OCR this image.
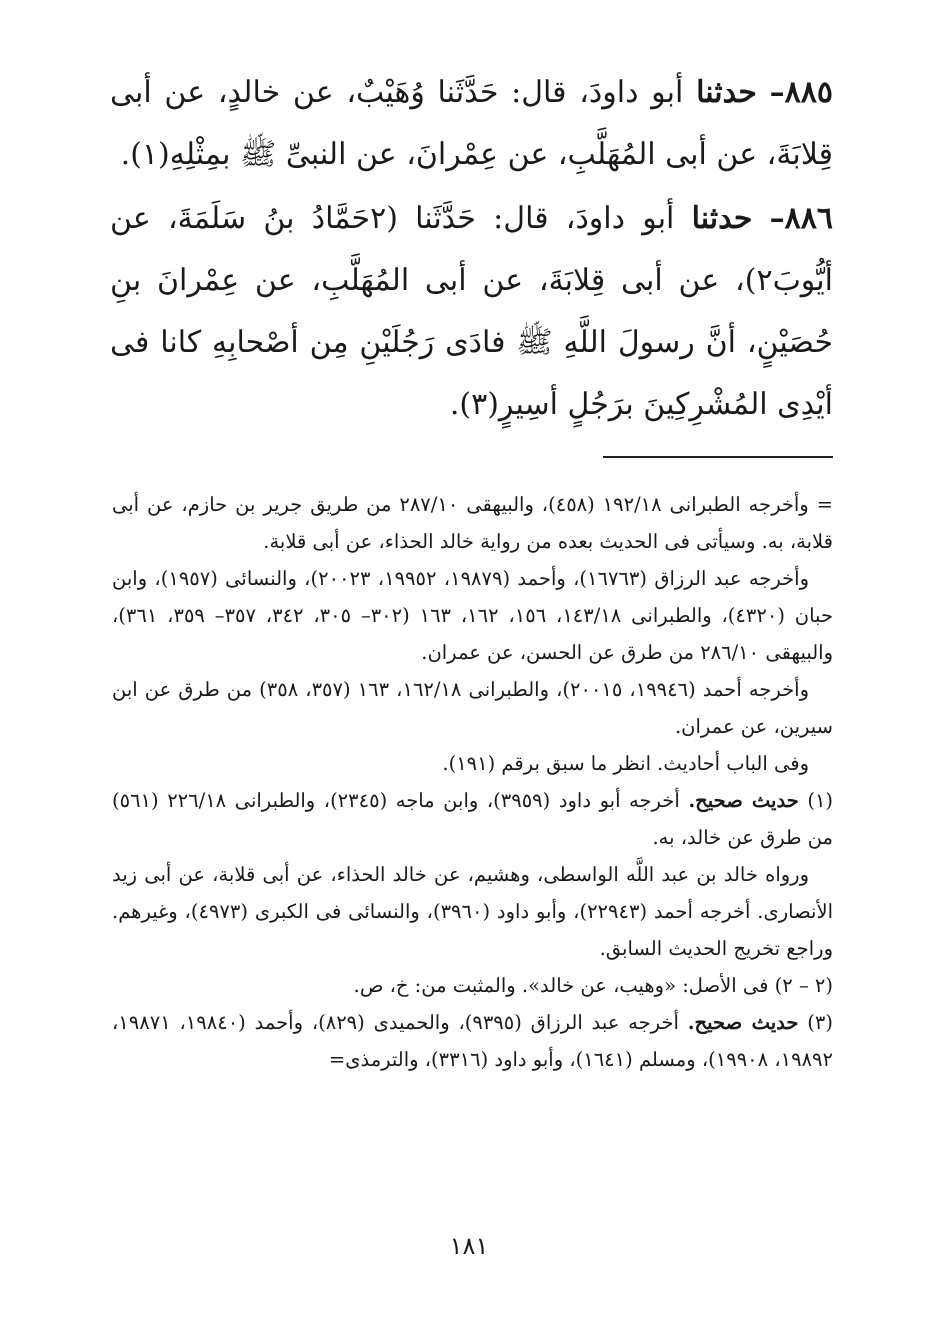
٨٨٥– حدثنا أبو داودَ، قال: حَدَّثَنا وُهَيْبٌ، عن خالدٍ، عن أبى قِلابَةَ، عن أبى المُهَلَّبِ، عن عِمْرانَ، عن النبىِّ ﷺ بمِثْلِهِ(١).

٨٨٦– حدثنا أبو داودَ، قال: حَدَّثَنا (٢حَمَّادُ بنُ سَلَمَةَ، عن أيُّوبَ٢)، عن أبى قِلابَةَ، عن أبى المُهَلَّبِ، عن عِمْرانَ بنِ حُصَيْنٍ، أنَّ رسولَ اللَّهِ ﷺ فادَى رَجُلَيْنِ مِن أصْحابِهِ كانا فى أيْدِى المُشْرِكِينَ برَجُلٍ أسِيرٍ(٣).

= وأخرجه الطبرانى ١٩٢/١٨ (٤٥٨)، والبيهقى ٢٨٧/١٠ من طريق جرير بن حازم، عن أبى قلابة، به. وسيأتى فى الحديث بعده من رواية خالد الحذاء، عن أبى قلابة.

وأخرجه عبد الرزاق (١٦٧٦٣)، وأحمد (١٩٨٧٩، ١٩٩٥٢، ٢٠٠٢٣)، والنسائى (١٩٥٧)، وابن حبان (٤٣٢٠)، والطبرانى ١٤٣/١٨، ١٥٦، ١٦٢، ١٦٣ (٣٠٢– ٣٠٥، ٣٤٢، ٣٥٧– ٣٥٩، ٣٦١)، والبيهقى ٢٨٦/١٠ من طرق عن الحسن، عن عمران.

وأخرجه أحمد (١٩٩٤٦، ٢٠٠١٥)، والطبرانى ١٦٢/١٨، ١٦٣ (٣٥٧، ٣٥٨) من طرق عن ابن سيرين، عن عمران.

وفى الباب أحاديث. انظر ما سبق برقم (١٩١).

(١) حديث صحيح. أخرجه أبو داود (٣٩٥٩)، وابن ماجه (٢٣٤٥)، والطبرانى ٢٢٦/١٨ (٥٦١) من طرق عن خالد، به.

ورواه خالد بن عبد اللَّه الواسطى، وهشيم، عن خالد الحذاء، عن أبى قلابة، عن أبى زيد الأنصارى. أخرجه أحمد (٢٢٩٤٣)، وأبو داود (٣٩٦٠)، والنسائى فى الكبرى (٤٩٧٣)، وغيرهم. وراجع تخريج الحديث السابق.

(٢ – ٢) فى الأصل: «وهيب، عن خالد». والمثبت من: خ، ص.

(٣) حديث صحيح. أخرجه عبد الرزاق (٩٣٩٥)، والحميدى (٨٢٩)، وأحمد (١٩٨٤٠، ١٩٨٧١، ١٩٨٩٢، ١٩٩٠٨)، ومسلم (١٦٤١)، وأبو داود (٣٣١٦)، والترمذى=

١٨١
